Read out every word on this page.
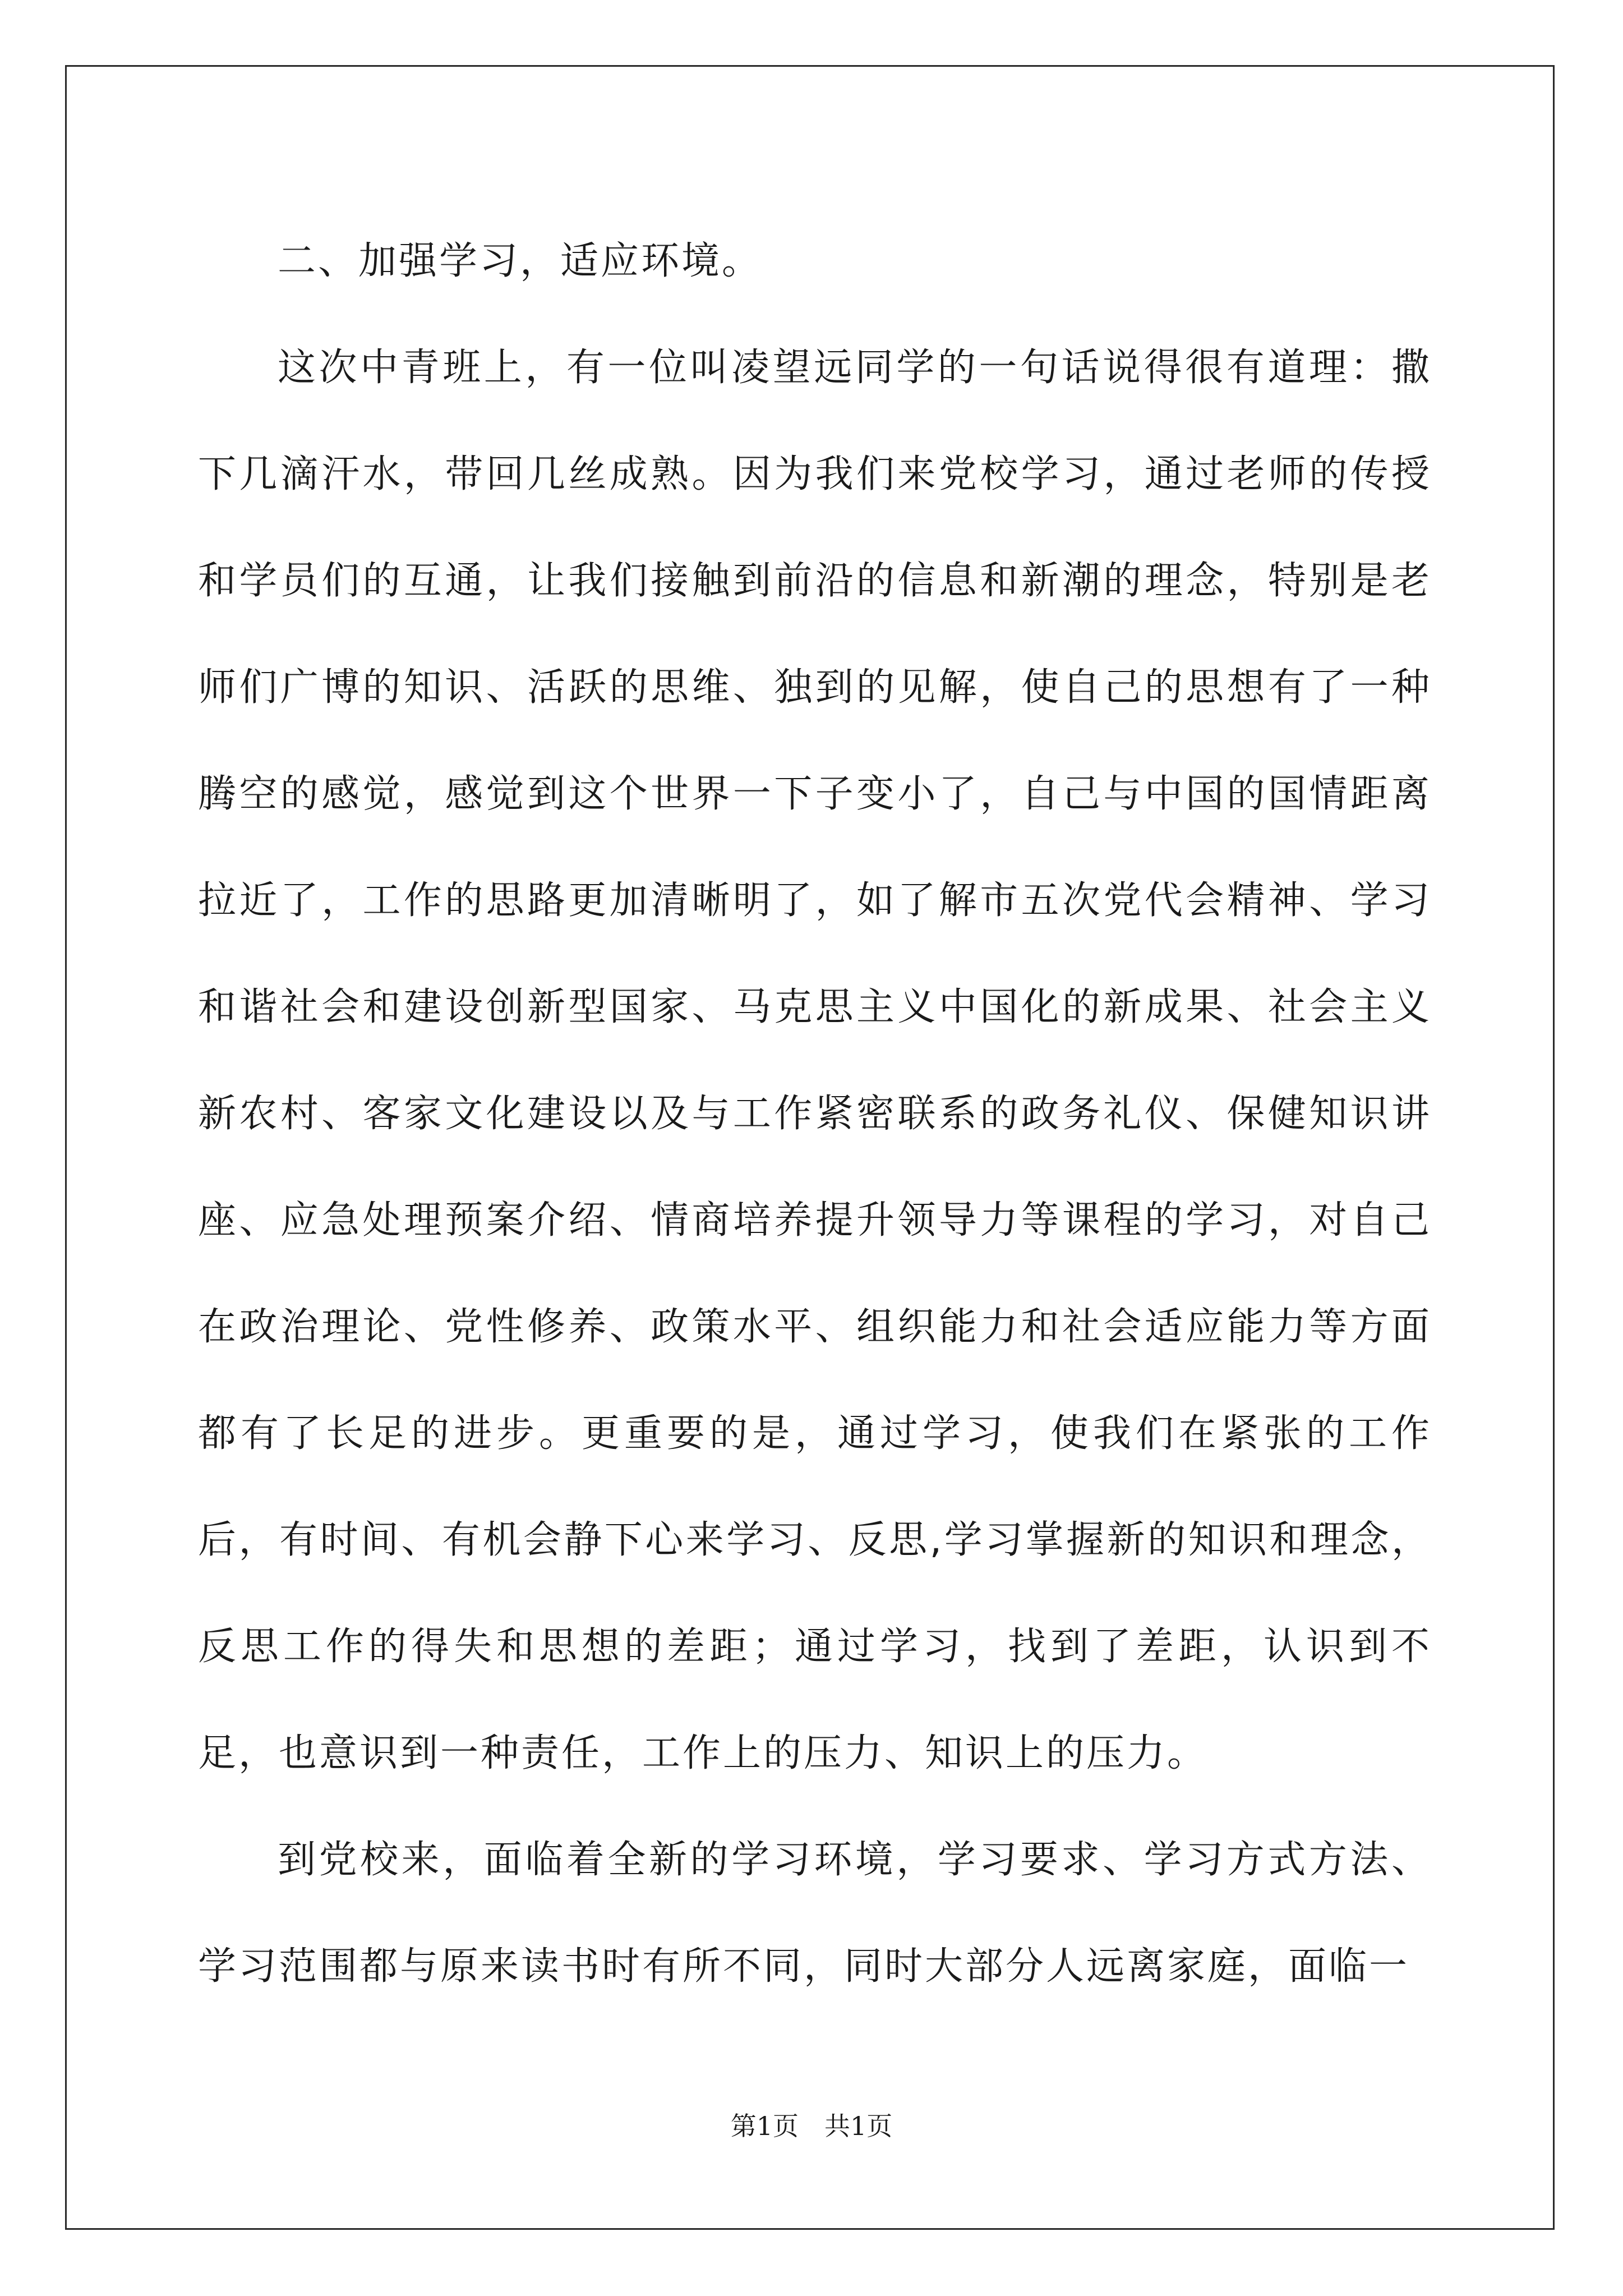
二、加强学习，适应环境。

这次中青班上，有一位叫凌望远同学的一句话说得很有道理：撒下几滴汗水，带回几丝成熟。因为我们来党校学习，通过老师的传授和学员们的互通，让我们接触到前沿的信息和新潮的理念，特别是老师们广博的知识、活跃的思维、独到的见解，使自己的思想有了一种腾空的感觉，感觉到这个世界一下子变小了，自己与中国的国情距离拉近了，工作的思路更加清晰明了，如了解市五次党代会精神、学习和谐社会和建设创新型国家、马克思主义中国化的新成果、社会主义新农村、客家文化建设以及与工作紧密联系的政务礼仪、保健知识讲座、应急处理预案介绍、情商培养提升领导力等课程的学习，对自己在政治理论、党性修养、政策水平、组织能力和社会适应能力等方面都有了长足的进步。更重要的是，通过学习，使我们在紧张的工作后，有时间、有机会静下心来学习、反思,学习掌握新的知识和理念，反思工作的得失和思想的差距；通过学习，找到了差距，认识到不足，也意识到一种责任，工作上的压力、知识上的压力。

到党校来，面临着全新的学习环境，学习要求、学习方式方法、学习范围都与原来读书时有所不同，同时大部分人远离家庭，面临一

第1页 共1页
